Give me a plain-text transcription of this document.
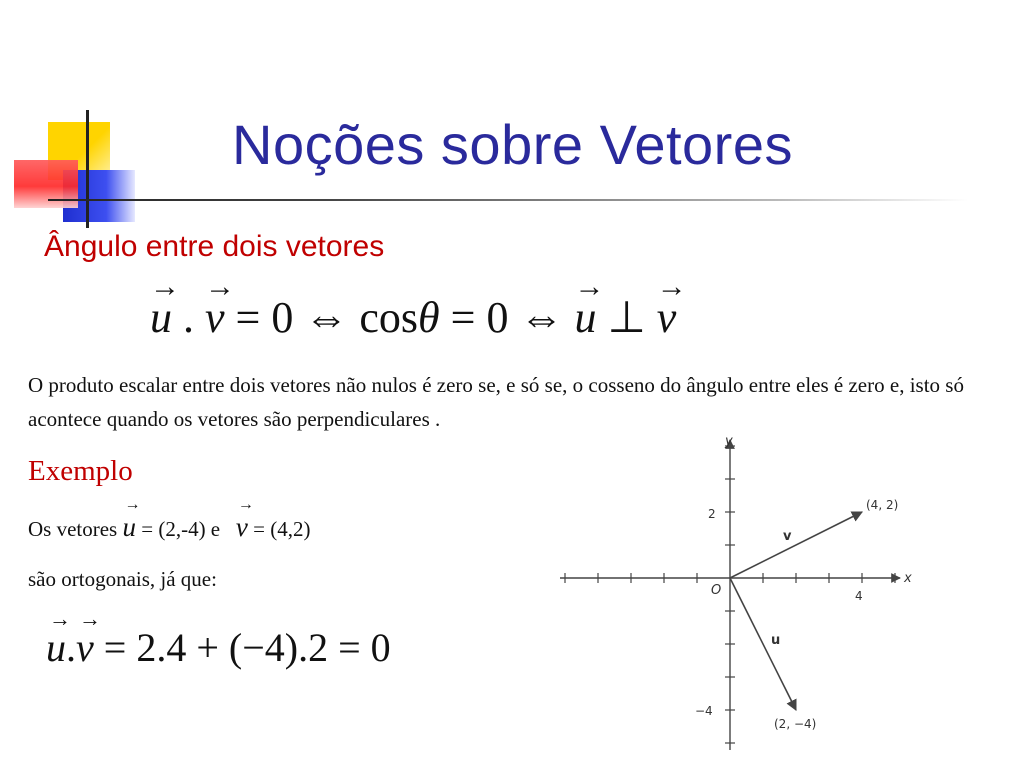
Noções sobre Vetores
Ângulo entre dois vetores
→
u .
→
v = 0 ⇔ cosθ = 0 ⇔
→
u ⊥
→
v
O produto escalar entre dois vetores não nulos é zero se, e só se, o cosseno do ângulo entre eles é zero e, isto só acontece quando os vetores são perpendiculares .
Exemplo
Os vetores
→
u = (2,-4) e
→
v = (4,2)
são ortogonais, já que:
→
u.
→
v = 2.4 + (−4).2 = 0
x
y
O	4
2
−4
v
u
(4, 2)
(2, −4)
